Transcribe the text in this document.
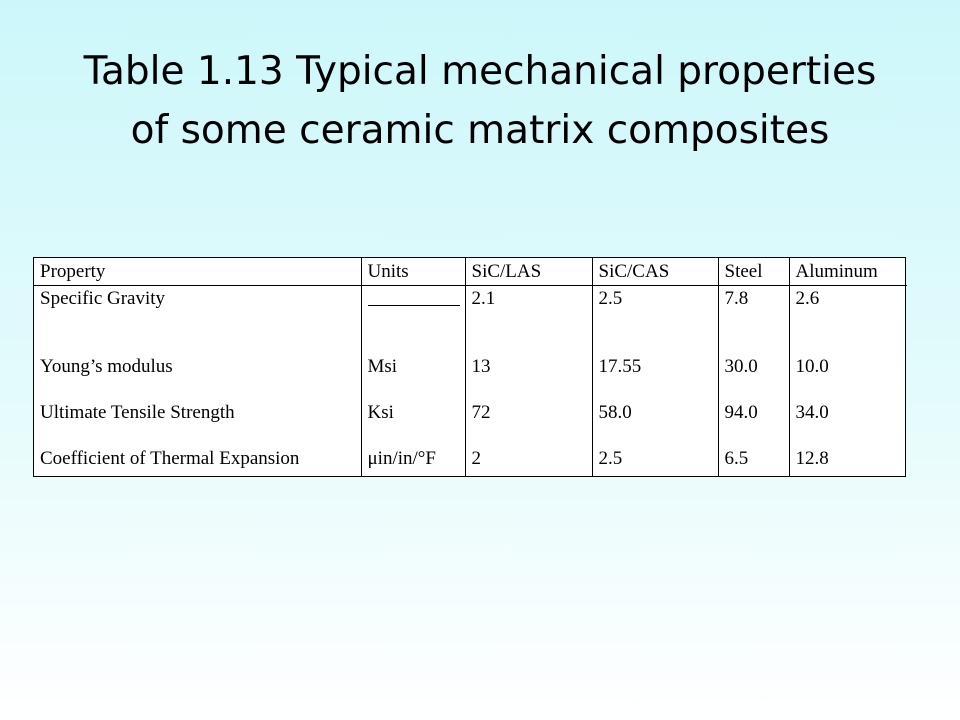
Table 1.13 Typical mechanical properties of some ceramic matrix composites
Property	Units	SiC/LAS	SiC/CAS	Steel	Aluminum
Specific Gravity		2.1	2.5	7.8	2.6
Young’s modulus	Msi	13	17.55	30.0	10.0
Ultimate Tensile Strength	Ksi	72	58.0	94.0	34.0
Coefficient of Thermal Expansion	μin/in/°F	2	2.5	6.5	12.8
